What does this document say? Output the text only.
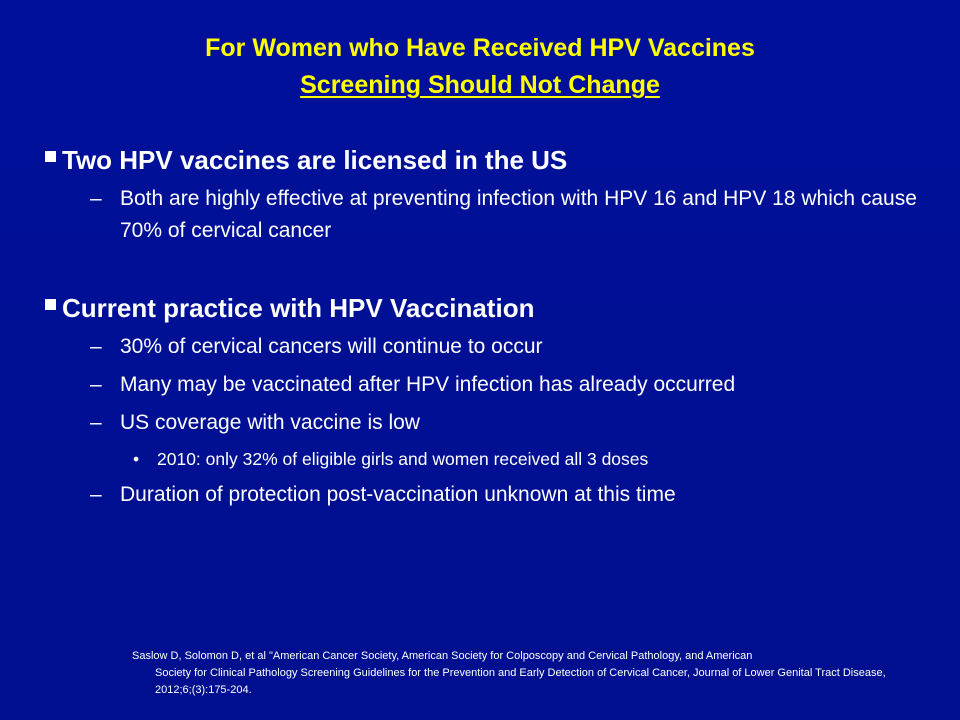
For Women who Have Received HPV Vaccines
Screening Should Not Change
Two HPV vaccines are licensed in the US
– Both are highly effective at preventing infection with HPV 16 and HPV 18 which cause 70% of cervical cancer
Current practice with HPV Vaccination
– 30% of cervical cancers will continue to occur
– Many may be vaccinated after HPV infection has already occurred
– US coverage with vaccine is low
•	2010: only 32% of eligible girls and women received all 3 doses
– Duration of protection post-vaccination unknown at this time
Saslow D, Solomon D, et al "American Cancer Society, American Society for Colposcopy and Cervical Pathology, and American
Society for Clinical Pathology Screening Guidelines for the Prevention and Early Detection of Cervical Cancer, Journal of Lower Genital Tract Disease, 2012;6;(3):175-204.
